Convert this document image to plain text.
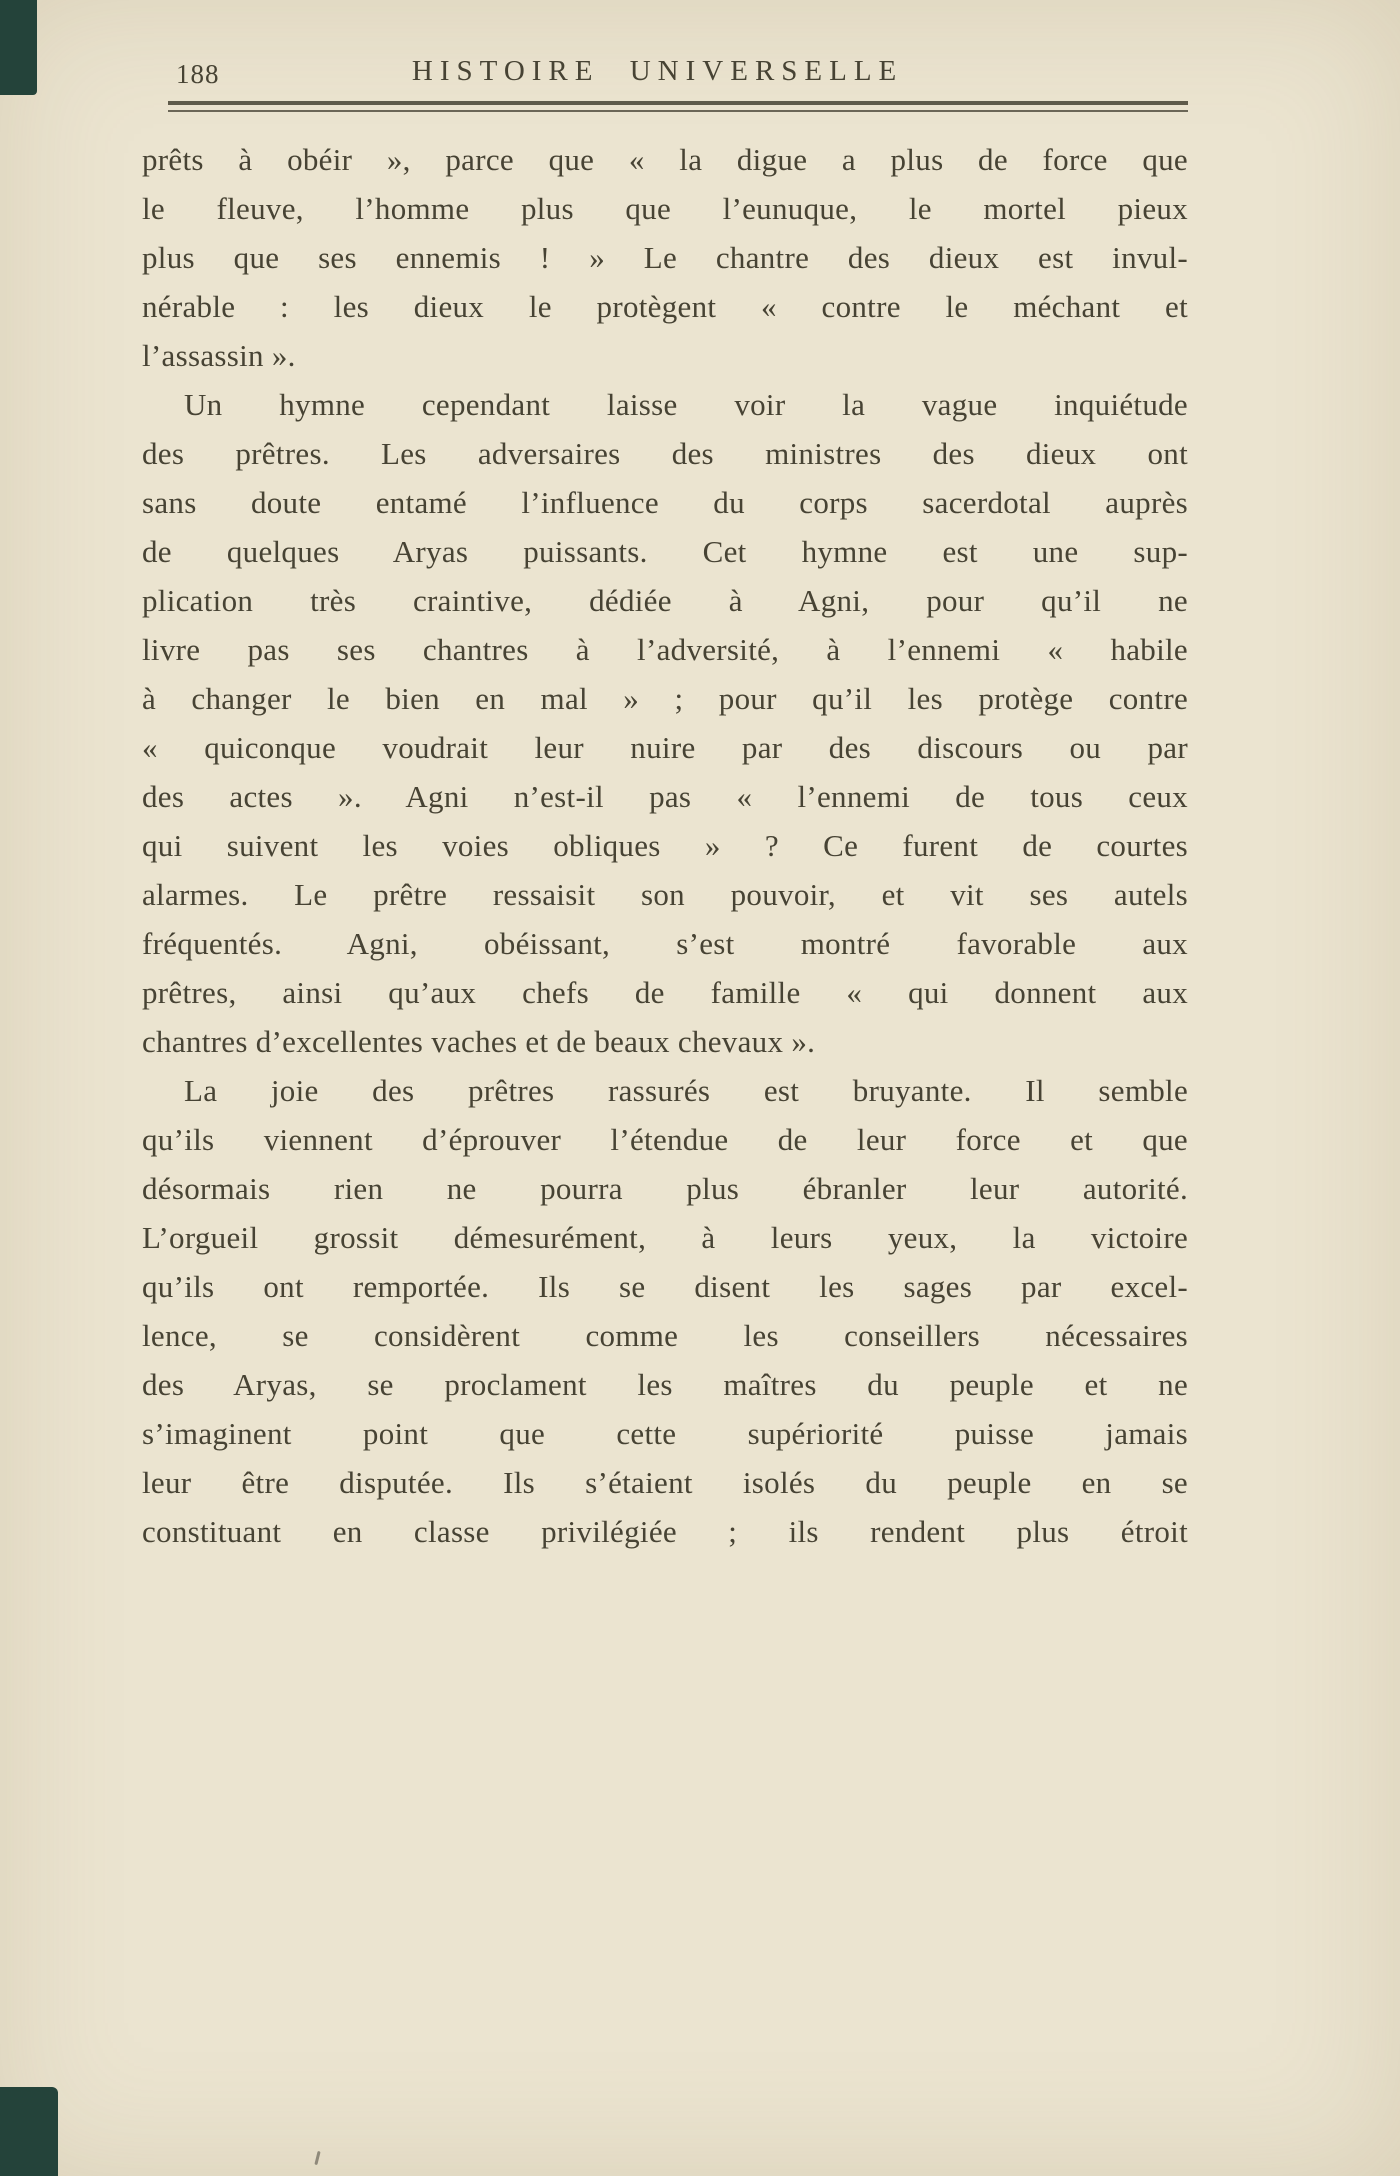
188	HISTOIRE UNIVERSELLE
prêts à obéir », parce que « la digue a plus de force que
le fleuve, l’homme plus que l’eunuque, le mortel pieux
plus que ses ennemis ! » Le chantre des dieux est invul-
nérable : les dieux le protègent « contre le méchant et
l’assassin ».
Un hymne cependant laisse voir la vague inquiétude
des prêtres. Les adversaires des ministres des dieux ont
sans doute entamé l’influence du corps sacerdotal auprès
de quelques Aryas puissants. Cet hymne est une sup-
plication très craintive, dédiée à Agni, pour qu’il ne
livre pas ses chantres à l’adversité, à l’ennemi « habile
à changer le bien en mal » ; pour qu’il les protège contre
« quiconque voudrait leur nuire par des discours ou par
des actes ». Agni n’est-il pas « l’ennemi de tous ceux
qui suivent les voies obliques » ? Ce furent de courtes
alarmes. Le prêtre ressaisit son pouvoir, et vit ses autels
fréquentés. Agni, obéissant, s’est montré favorable aux
prêtres, ainsi qu’aux chefs de famille « qui donnent aux
chantres d’excellentes vaches et de beaux chevaux ».
La joie des prêtres rassurés est bruyante. Il semble
qu’ils viennent d’éprouver l’étendue de leur force et que
désormais rien ne pourra plus ébranler leur autorité.
L’orgueil grossit démesurément, à leurs yeux, la victoire
qu’ils ont remportée. Ils se disent les sages par excel-
lence, se considèrent comme les conseillers nécessaires
des Aryas, se proclament les maîtres du peuple et ne
s’imaginent point que cette supériorité puisse jamais
leur être disputée. Ils s’étaient isolés du peuple en se
constituant en classe privilégiée ; ils rendent plus étroit
